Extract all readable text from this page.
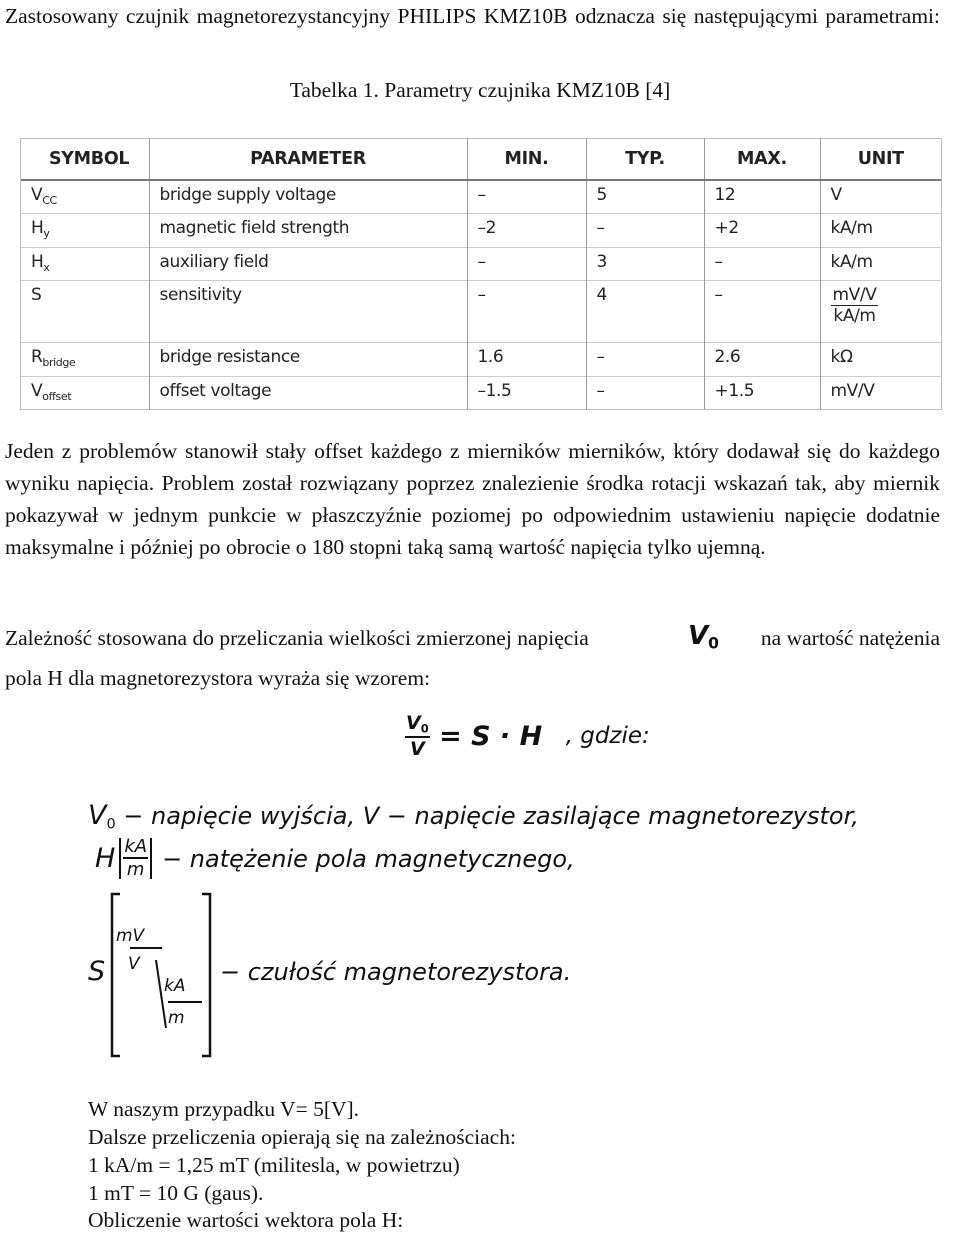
Zastosowany czujnik magnetorezystancyjny PHILIPS KMZ10B odznacza się następującymi parametrami:

Tabelka 1. Parametry czujnika KMZ10B [4]
SYMBOL	PARAMETER	MIN.	TYP.	MAX.	UNIT
$V_{CC}$	bridge supply voltage	–	5	12	V
$H_y$	magnetic field strength	–2	–	+2	kA/m
$H_x$	auxiliary field	–	3	–	kA/m
S	sensitivity	–	4	–	$\frac{mV/V}{kA/m}$

$R_{bridge}$	bridge resistance	1.6	–	2.6	kΩ
$V_{offset}$	offset voltage	–1.5	–	+1.5	mV/V

Jeden z problemów stanowił stały offset każdego z mierników mierników, który dodawał się do każdego wyniku napięcia. Problem został rozwiązany poprzez znalezienie środka rotacji wskazań tak, aby miernik pokazywał w jednym punkcie w płaszczyźnie poziomej po odpowiednim ustawieniu napięcie dodatnie maksymalne i później po obrocie o 180 stopni taką samą wartość napięcia tylko ujemną.

Zależność stosowana do przeliczania wielkości zmierzonej napięcia	$V_0$ na wartość natężenia

pola H dla magnetorezystora wyraża się wzorem:

$\frac{V_0}{V} = S \cdot H$ , gdzie:
$V_0$ − napięcie wyjścia, V − napięcie zasilające magnetorezystor,
H $\frac{kA}{m}$ − natężenie pola magnetycznego,
S
mV
V
kA
m
− czułość magnetorezystora.

W naszym przypadku V= 5[V].

Dalsze przeliczenia opierają się na zależnościach:

1 kA/m = 1,25 mT (militesla, w powietrzu)

1 mT = 10 G (gaus).

Obliczenie wartości wektora pola H:
